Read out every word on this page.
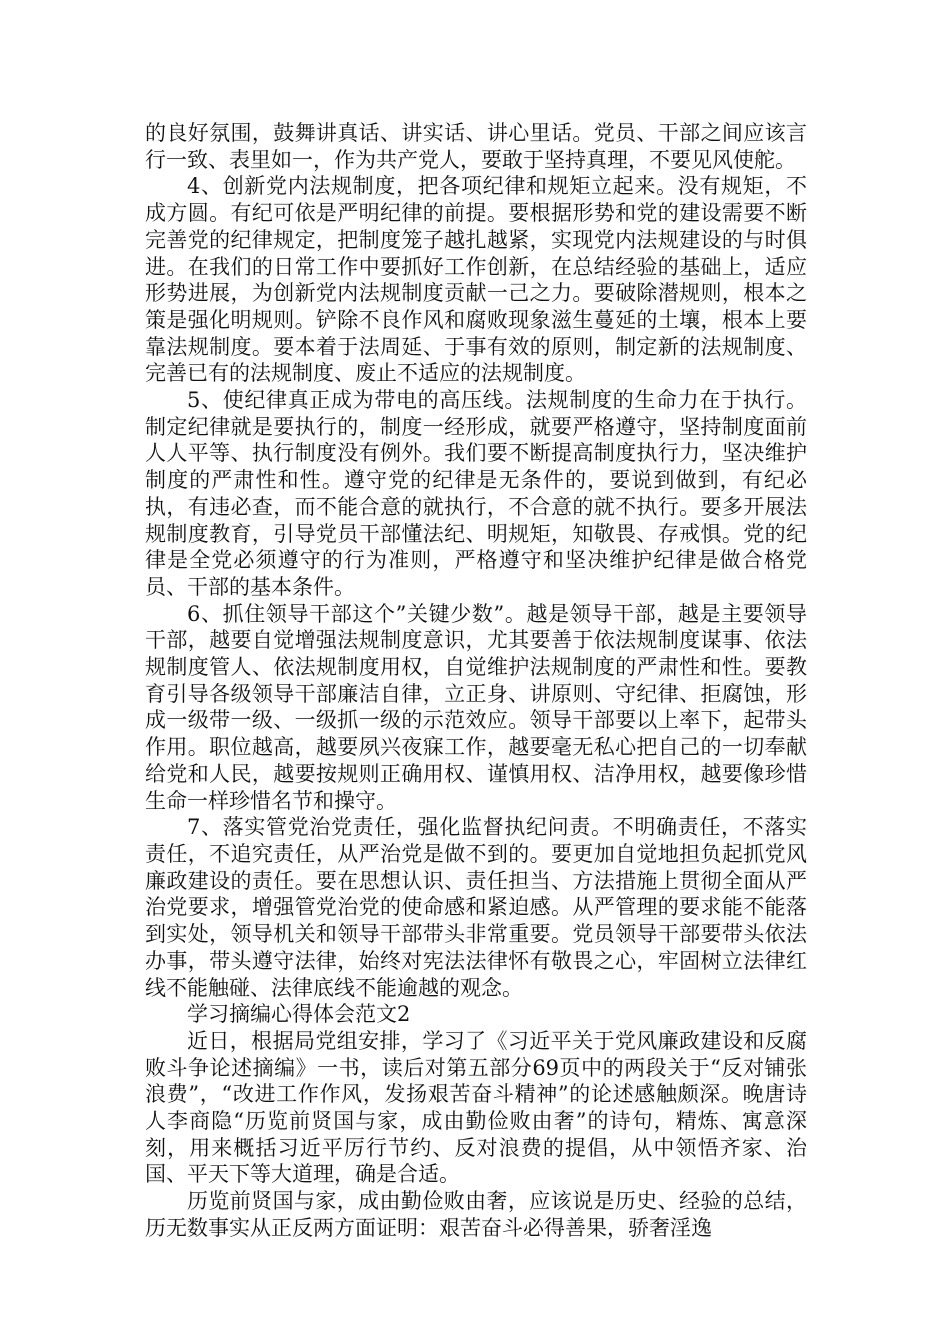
的良好氛围，鼓舞讲真话、讲实话、讲心里话。党员、干部之间应该言行一致、表里如一，作为共产党人，要敢于坚持真理，不要见风使舵。

4、创新党内法规制度，把各项纪律和规矩立起来。没有规矩，不成方圆。有纪可依是严明纪律的前提。要根据形势和党的建设需要不断完善党的纪律规定，把制度笼子越扎越紧，实现党内法规建设的与时俱进。在我们的日常工作中要抓好工作创新，在总结经验的基础上，适应形势进展，为创新党内法规制度贡献一己之力。要破除潜规则，根本之策是强化明规则。铲除不良作风和腐败现象滋生蔓延的土壤，根本上要靠法规制度。要本着于法周延、于事有效的原则，制定新的法规制度、完善已有的法规制度、废止不适应的法规制度。

5、使纪律真正成为带电的高压线。法规制度的生命力在于执行。制定纪律就是要执行的，制度一经形成，就要严格遵守，坚持制度面前人人平等、执行制度没有例外。我们要不断提高制度执行力，坚决维护制度的严肃性和性。遵守党的纪律是无条件的，要说到做到，有纪必执，有违必查，而不能合意的就执行，不合意的就不执行。要多开展法规制度教育，引导党员干部懂法纪、明规矩，知敬畏、存戒惧。党的纪律是全党必须遵守的行为准则，严格遵守和坚决维护纪律是做合格党员、干部的基本条件。

6、抓住领导干部这个”关键少数”。越是领导干部，越是主要领导干部，越要自觉增强法规制度意识，尤其要善于依法规制度谋事、依法规制度管人、依法规制度用权，自觉维护法规制度的严肃性和性。要教育引导各级领导干部廉洁自律，立正身、讲原则、守纪律、拒腐蚀，形成一级带一级、一级抓一级的示范效应。领导干部要以上率下，起带头作用。职位越高，越要夙兴夜寐工作，越要毫无私心把自己的一切奉献给党和人民，越要按规则正确用权、谨慎用权、洁净用权，越要像珍惜生命一样珍惜名节和操守。

7、落实管党治党责任，强化监督执纪问责。不明确责任，不落实责任，不追究责任，从严治党是做不到的。要更加自觉地担负起抓党风廉政建设的责任。要在思想认识、责任担当、方法措施上贯彻全面从严治党要求，增强管党治党的使命感和紧迫感。从严管理的要求能不能落到实处，领导机关和领导干部带头非常重要。党员领导干部要带头依法办事，带头遵守法律，始终对宪法法律怀有敬畏之心，牢固树立法律红线不能触碰、法律底线不能逾越的观念。

学习摘编心得体会范文2

近日，根据局党组安排，学习了《习近平关于党风廉政建设和反腐败斗争论述摘编》一书，读后对第五部分69页中的两段关于“反对铺张浪费”，“改进工作作风，发扬艰苦奋斗精神”的论述感触颇深。晚唐诗人李商隐“历览前贤国与家，成由勤俭败由奢”的诗句，精炼、寓意深刻，用来概括习近平厉行节约、反对浪费的提倡，从中领悟齐家、治国、平天下等大道理，确是合适。

历览前贤国与家，成由勤俭败由奢，应该说是历史、经验的总结，历无数事实从正反两方面证明：艰苦奋斗必得善果，骄奢淫逸
